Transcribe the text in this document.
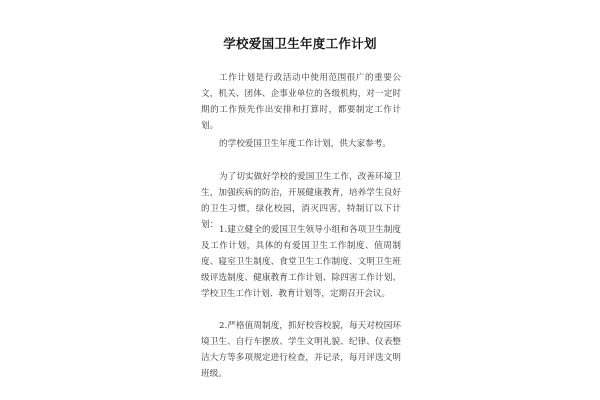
学校爱国卫生年度工作计划

工作计划是行政活动中使用范围很广的重要公文，机关、团体、企事业单位的各级机构，对一定时期的工作预先作出安排和打算时，都要制定工作计划。

的学校爱国卫生年度工作计划，供大家参考。

为了切实做好学校的爱国卫生工作，改善环境卫生，加强疾病的防治，开展健康教育，培养学生良好的卫生习惯，绿化校园，消灭四害，特制订以下计划： 1.建立健全的爱国卫生领导小组和各项卫生制度及工作计划，具体的有爱国卫生工作制度、值周制度、寝室卫生制度、食堂卫生工作制度、文明卫生班级评选制度、健康教育工作计划、除四害工作计划、学校卫生工作计划、教育计划等，定期召开会议。

2.严格值周制度，抓好校容校貌，每天对校园环境卫生、自行车摆放、学生文明礼貌、纪律、仪表整洁大方等多项规定进行检查，并记录，每月评选文明班级。
